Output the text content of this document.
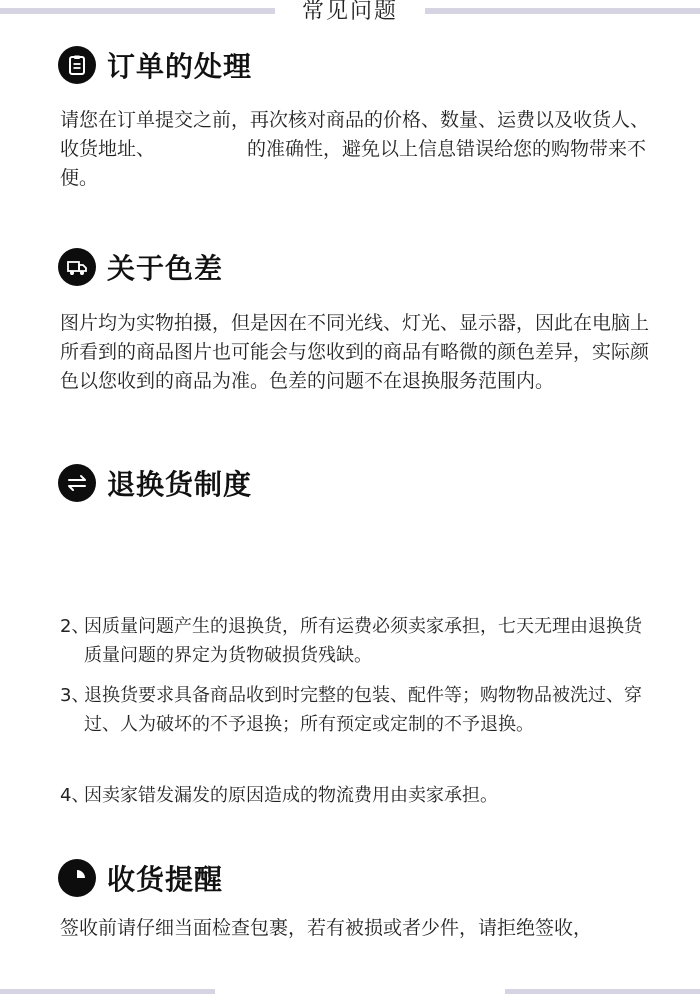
常见问题
订单的处理

请您在订单提交之前，再次核对商品的价格、数量、运费以及收货人、收货地址、	的准确性，避免以上信息错误给您的购物带来不便。

关于色差

图片均为实物拍摄，但是因在不同光线、灯光、显示器，因此在电脑上所看到的商品图片也可能会与您收到的商品有略微的颜色差异，实际颜色以您收到的商品为准。色差的问题不在退换服务范围内。

退换货制度
2、
因质量问题产生的退换货，所有运费必须卖家承担，七天无理由退换货质量问题的界定为货物破损货残缺。
3、
退换货要求具备商品收到时完整的包装、配件等；购物物品被洗过、穿过、人为破坏的不予退换；所有预定或定制的不予退换。
4、
因卖家错发漏发的原因造成的物流费用由卖家承担。
收货提醒

签收前请仔细当面检查包裹，若有被损或者少件，请拒绝签收，
